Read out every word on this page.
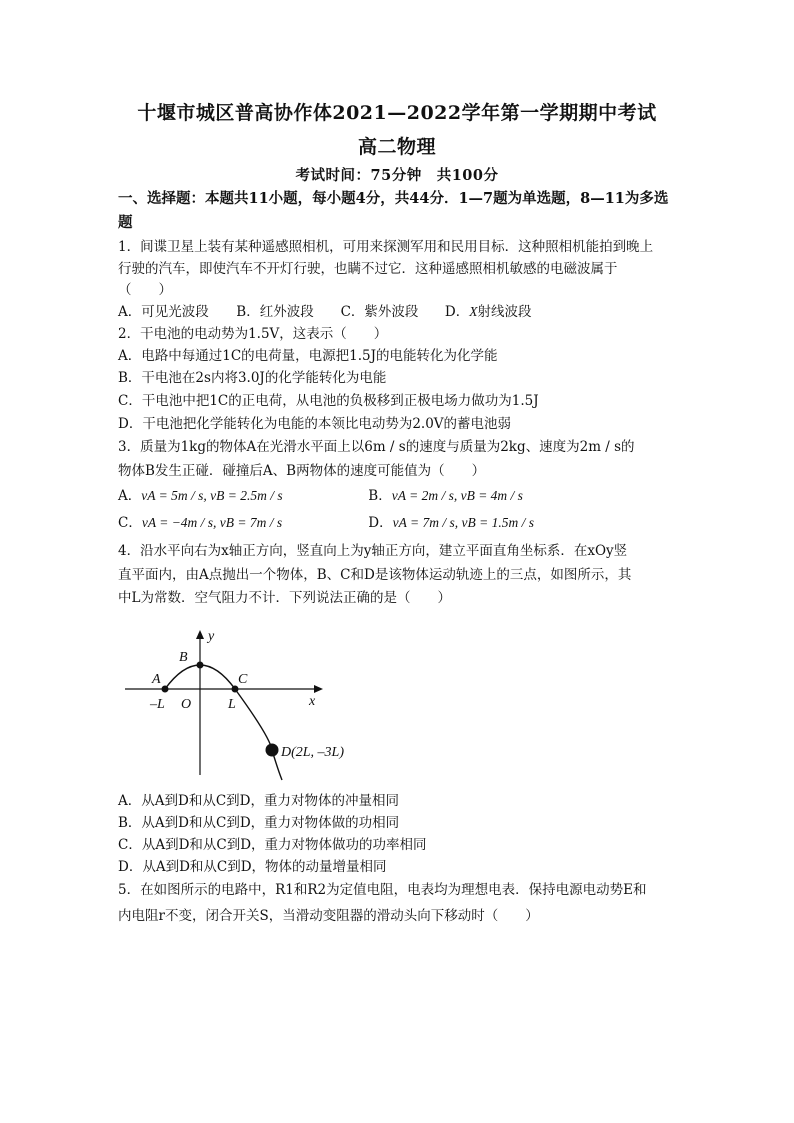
十堰市城区普高协作体2021—2022学年第一学期期中考试
高二物理
考试时间：75分钟　共100分
一、选择题：本题共11小题，每小题4分，共44分．1—7题为单选题，8—11为多选题
1．间谍卫星上装有某种遥感照相机，可用来探测军用和民用目标．这种照相机能拍到晚上
行驶的汽车，即使汽车不开灯行驶，也瞒不过它．这种遥感照相机敏感的电磁波属于
（　　）
A．可见光波段 B．红外波段 C．紫外波段 D．X射线波段
2．干电池的电动势为1.5V，这表示（　　）
A．电路中每通过1C的电荷量，电源把1.5J的电能转化为化学能
B．干电池在2s内将3.0J的化学能转化为电能
C．干电池中把1C的正电荷，从电池的负极移到正极电场力做功为1.5J
D．干电池把化学能转化为电能的本领比电动势为2.0V的蓄电池弱
3．质量为1kg的物体A在光滑水平面上以6m / s的速度与质量为2kg、速度为2m / s的
物体B发生正碰．碰撞后A、B两物体的速度可能值为（　　）
A．vA = 5m / s, vB = 2.5m / s	B．vA = 2m / s, vB = 4m / s
C．vA = −4m / s, vB = 7m / s	D．vA = 7m / s, vB = 1.5m / s
4．沿水平向右为x轴正方向，竖直向上为y轴正方向，建立平面直角坐标系．在xOy竖
直平面内，由A点抛出一个物体，B、C和D是该物体运动轨迹上的三点，如图所示，其
中L为常数．空气阻力不计．下列说法正确的是（　　）
y
x
A
B
C
O
–L	L
D(2L, –3L)
A．从A到D和从C到D，重力对物体的冲量相同
B．从A到D和从C到D，重力对物体做的功相同
C．从A到D和从C到D，重力对物体做功的功率相同
D．从A到D和从C到D，物体的动量增量相同
5．在如图所示的电路中，R1和R2为定值电阻，电表均为理想电表．保持电源电动势E和
内电阻r不变，闭合开关S，当滑动变阻器的滑动头向下移动时（　　）
